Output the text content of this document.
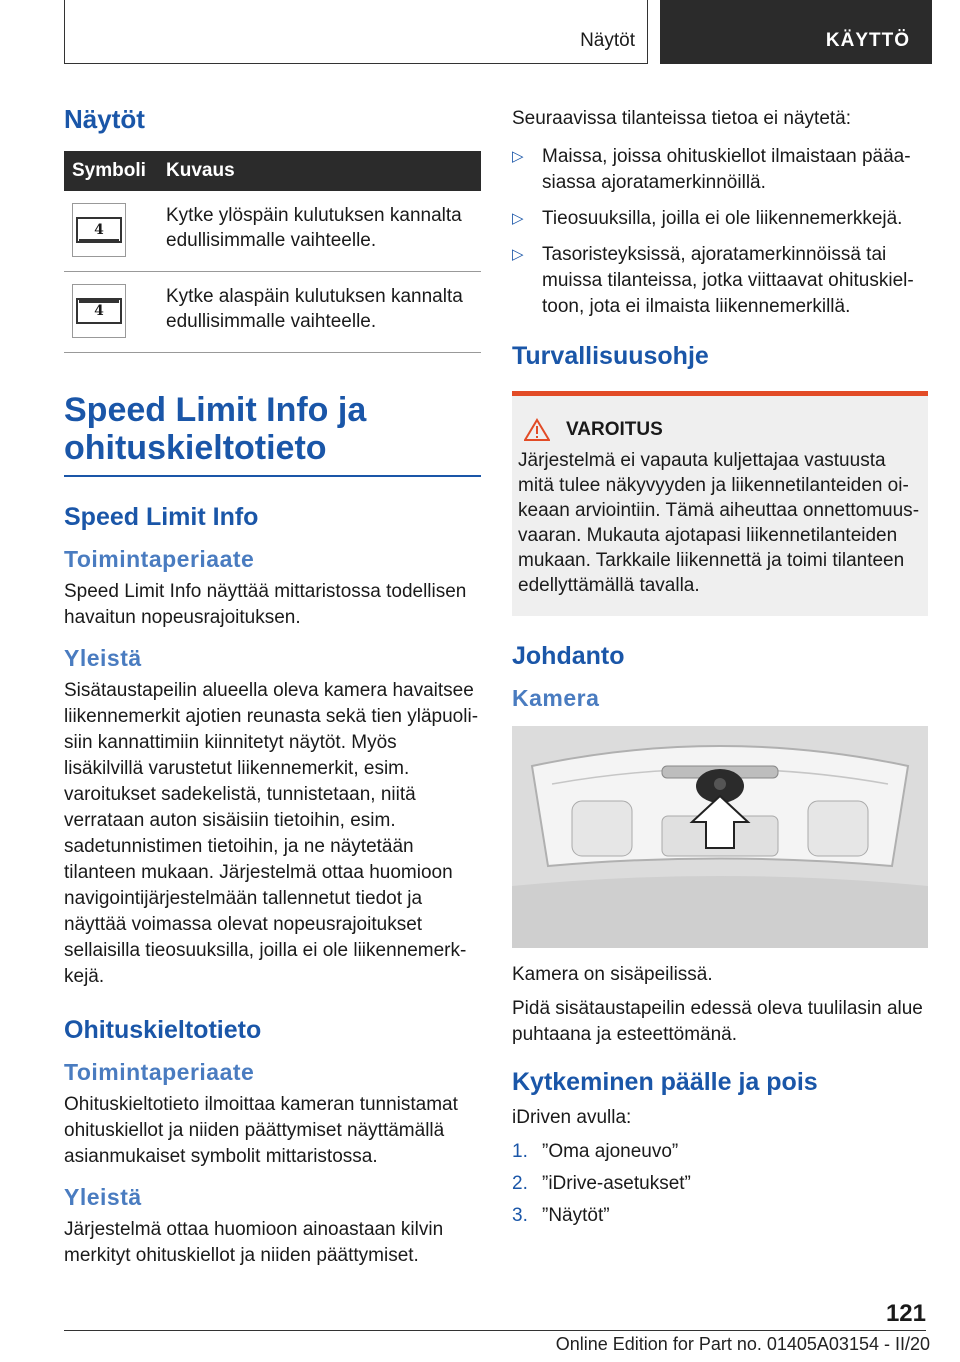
Näytöt	KÄYTTÖ
Näytöt
Symboli	Kuvaus

4	Kytke ylöspäin kulutuksen kannalta edullisimmalle vaihteelle.

4	Kytke alaspäin kulutuksen kannalta edullisimmalle vaihteelle.
Speed Limit Info ja ohituskieltotieto
Speed Limit Info
Toimintaperiaate

Speed Limit Info näyttää mittaristossa todellisen havaitun nopeusrajoituksen.

Yleistä

Sisätaustapeilin alueella oleva kamera havaitsee liikennemerkit ajotien reunasta sekä tien yläpuolisiin kannattimiin kiinnitetyt näytöt. Myös lisäkilvillä varustetut liikennemerkit, esim. varoitukset sadekelistä, tunnistetaan, niitä verrataan auton sisäisiin tietoihin, esim. sadetunnistimen tietoihin, ja ne näytetään tilanteen mukaan. Järjestelmä ottaa huomioon navigointijärjestelmään tallennetut tiedot ja näyttää voimassa olevat nopeusrajoitukset sellaisilla tieosuuksilla, joilla ei ole liikennemerkkejä.

Ohituskieltotieto
Toimintaperiaate

Ohituskieltotieto ilmoittaa kameran tunnistamat ohituskiellot ja niiden päättymiset näyttämällä asianmukaiset symbolit mittaristossa.

Yleistä

Järjestelmä ottaa huomioon ainoastaan kilvin merkityt ohituskiellot ja niiden päättymiset.

Seuraavissa tilanteissa tietoa ei näytetä:

▷ Maissa, joissa ohituskiellot ilmaistaan pääasiassa ajoratamerkinnöillä.
▷ Tieosuuksilla, joilla ei ole liikennemerkkejä.
▷ Tasoristeyksissä, ajoratamerkinnöissä tai muissa tilanteissa, jotka viittaavat ohituskieltoon, jota ei ilmaista liikennemerkillä.
Turvallisuusohje
VAROITUS

Järjestelmä ei vapauta kuljettajaa vastuusta mitä tulee näkyvyyden ja liikennetilanteiden oikeaan arviointiin. Tämä aiheuttaa onnettomuusvaaran. Mukauta ajotapasi liikennetilanteiden mukaan. Tarkkaile liikennettä ja toimi tilanteen edellyttämällä tavalla.

Johdanto
Kamera

Kamera on sisäpeilissä.

Pidä sisätaustapeilin edessä oleva tuulilasin alue puhtaana ja esteettömänä.

Kytkeminen päälle ja pois

iDriven avulla:

1. ”Oma ajoneuvo”
2. ”iDrive-asetukset”
3. ”Näytöt”
121
Online Edition for Part no. 01405A03154 - II/20
